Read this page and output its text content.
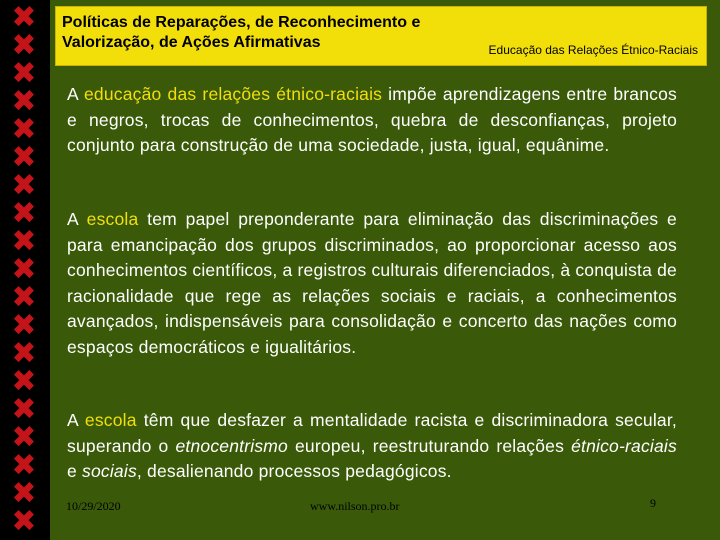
✖
✖
✖
✖
✖
✖
✖
✖
✖
✖
✖
✖
✖
✖
✖
✖
✖
✖
✖
Políticas de Reparações, de Reconhecimento e Valorização, de Ações Afirmativas	Educação das Relações Étnico-Raciais
A educação das relações étnico-raciais impõe aprendizagens entre brancos e negros, trocas de conhecimentos, quebra de desconfianças, projeto conjunto para construção de uma sociedade, justa, igual, equânime.
A escola tem papel preponderante para eliminação das discriminações e para emancipação dos grupos discriminados, ao proporcionar acesso aos conhecimentos científicos, a registros culturais diferenciados, à conquista de racionalidade que rege as relações sociais e raciais, a conhecimentos avançados, indispensáveis para consolidação e concerto das nações como espaços democráticos e igualitários.
A escola têm que desfazer a mentalidade racista e discriminadora secular, superando o etnocentrismo europeu, reestruturando relações étnico-raciais e sociais, desalienando processos pedagógicos.
10/29/2020	www.nilson.pro.br	9
